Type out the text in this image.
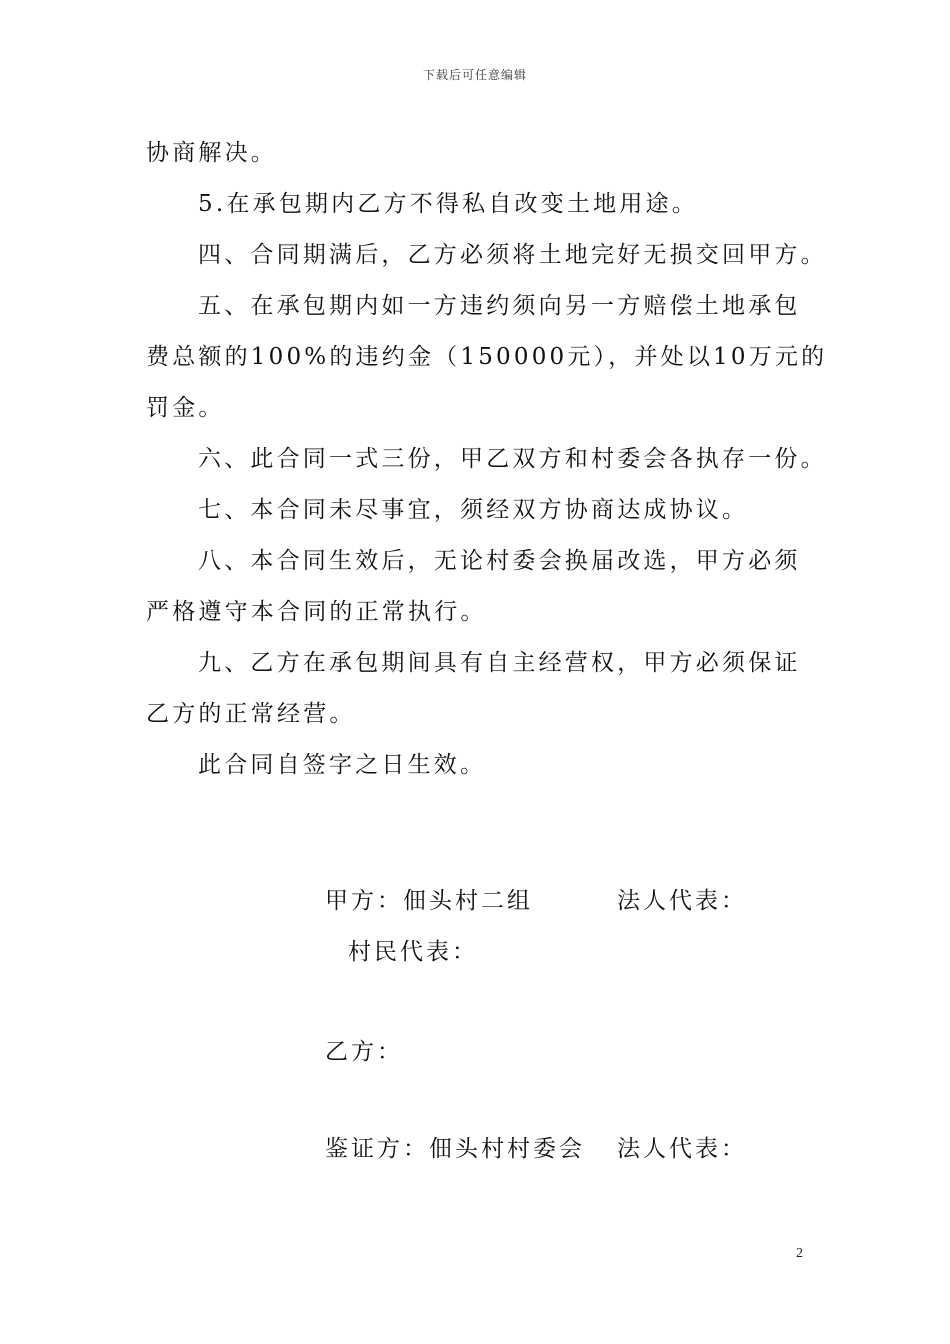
下载后可任意编辑

协商解决。

5.在承包期内乙方不得私自改变土地用途。

四、合同期满后，乙方必须将土地完好无损交回甲方。

五、在承包期内如一方违约须向另一方赔偿土地承包

费总额的100%的违约金（150000元），并处以10万元的

罚金。

六、此合同一式三份，甲乙双方和村委会各执存一份。

七、本合同未尽事宜，须经双方协商达成协议。

八、本合同生效后，无论村委会换届改选，甲方必须

严格遵守本合同的正常执行。

九、乙方在承包期间具有自主经营权，甲方必须保证

乙方的正常经营。

此合同自签字之日生效。

甲方：佃头村二组	法人代表：
村民代表：
乙方：
鉴证方：佃头村村委会 法人代表：
2
